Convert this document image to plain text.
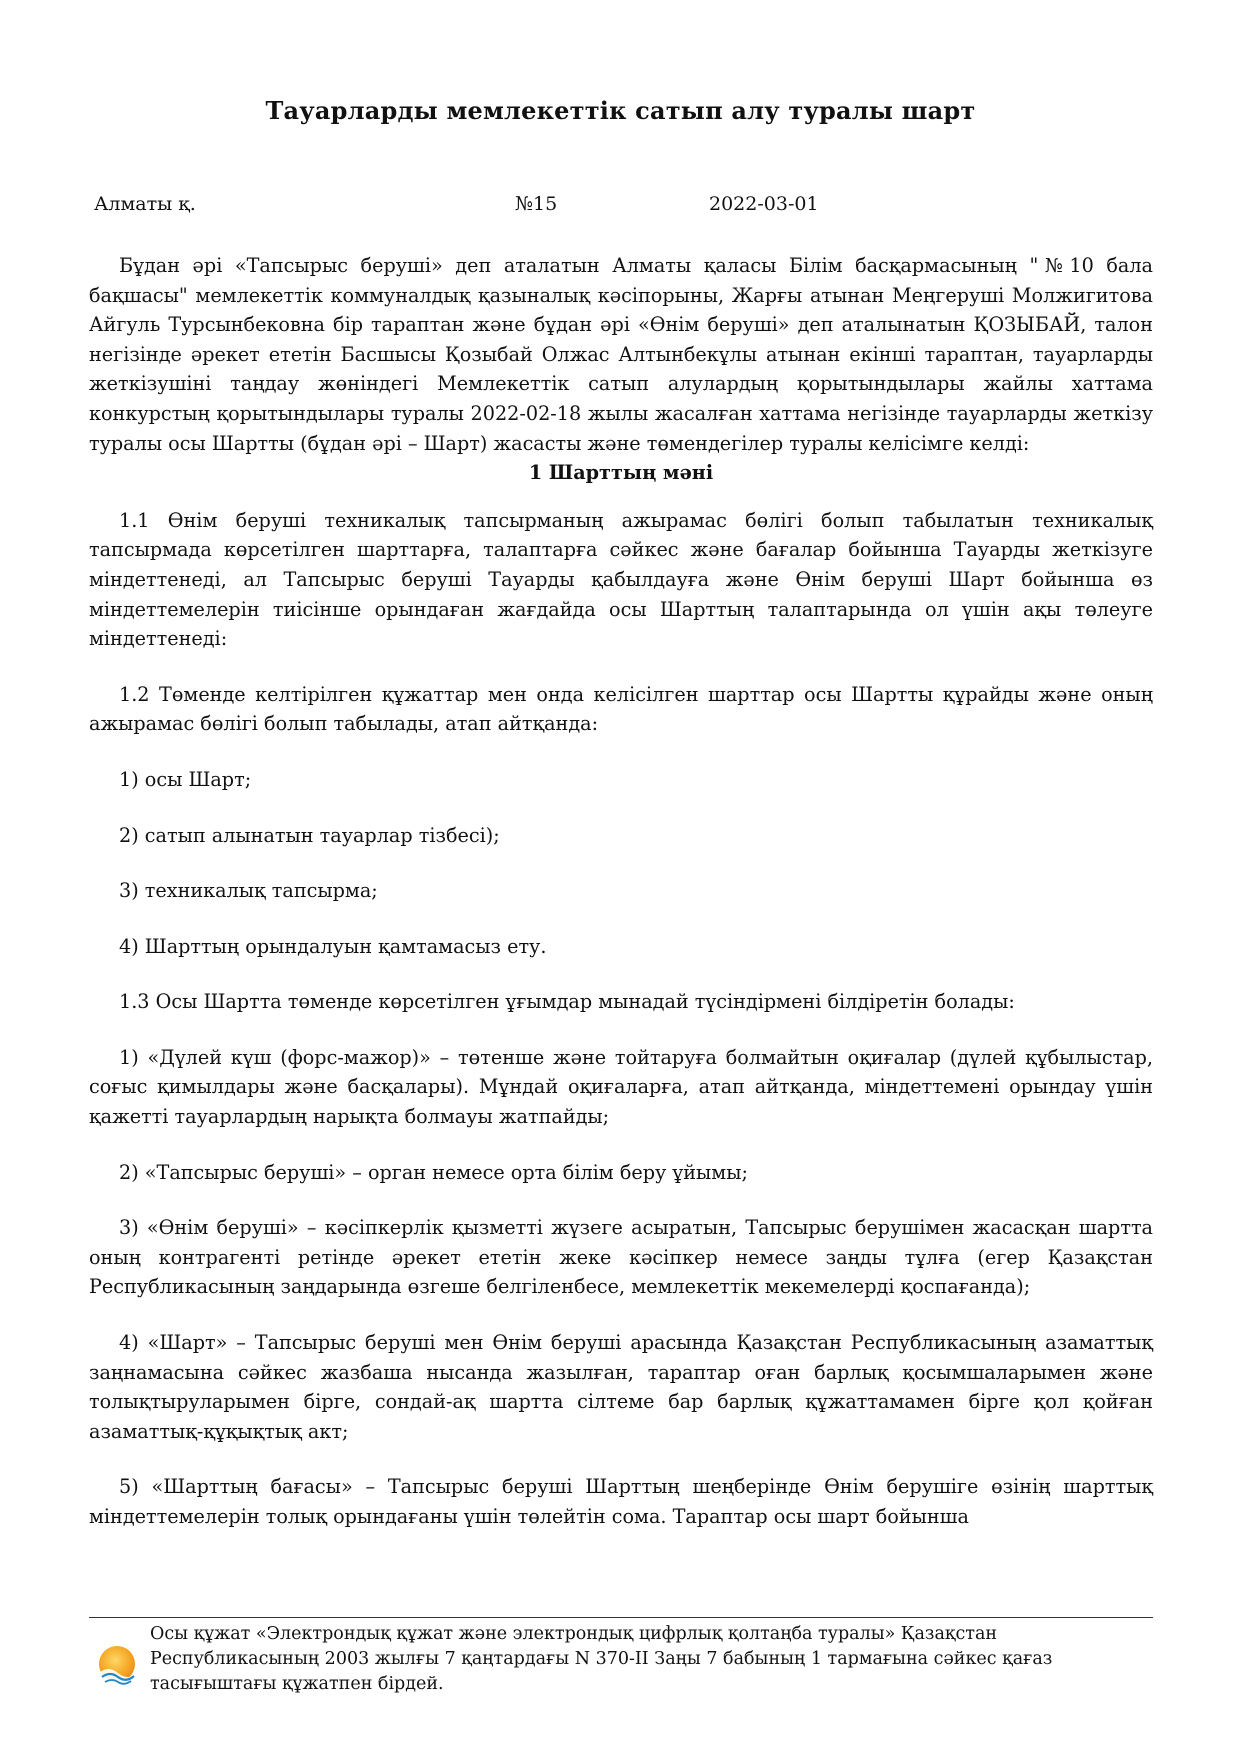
Тауарларды мемлекеттік сатып алу туралы шарт
Алматы қ.	№15	2022-03-01

Бұдан әрі «Тапсырыс беруші» деп аталатын Алматы қаласы Білім басқармасының "№10 бала бақшасы" мемлекеттік коммуналдық қазыналық кәсіпорыны, Жарғы атынан Меңгеруші Молжигитова Айгуль Турсынбековна бір тараптан және бұдан әрі «Өнім беруші» деп аталынатын ҚОЗЫБАЙ, талон негізінде әрекет ететін Басшысы Қозыбай Олжас Алтынбекұлы атынан екінші тараптан, тауарларды жеткізушіні таңдау жөніндегі Мемлекеттік сатып алулардың қорытындылары жайлы хаттама конкурстың қорытындылары туралы 2022-02-18 жылы жасалған хаттама негізінде тауарларды жеткізу туралы осы Шартты (бұдан әрі – Шарт) жасасты және төмендегілер туралы келісімге келді:

1 Шарттың мәні

1.1 Өнім беруші техникалық тапсырманың ажырамас бөлігі болып табылатын техникалық тапсырмада көрсетілген шарттарға, талаптарға сәйкес және бағалар бойынша Тауарды жеткізуге міндеттенеді, ал Тапсырыс беруші Тауарды қабылдауға және Өнім беруші Шарт бойынша өз міндеттемелерін тиісінше орындаған жағдайда осы Шарттың талаптарында ол үшін ақы төлеуге міндеттенеді:

1.2 Төменде келтірілген құжаттар мен онда келісілген шарттар осы Шартты құрайды және оның ажырамас бөлігі болып табылады, атап айтқанда:

1) осы Шарт;

2) сатып алынатын тауарлар тізбесі);

3) техникалық тапсырма;

4) Шарттың орындалуын қамтамасыз ету.

1.3 Осы Шартта төменде көрсетілген ұғымдар мынадай түсіндірмені білдіретін болады:

1) «Дүлей күш (форс-мажор)» – төтенше және тойтаруға болмайтын оқиғалар (дүлей құбылыстар, соғыс қимылдары және басқалары). Мұндай оқиғаларға, атап айтқанда, міндеттемені орындау үшін қажетті тауарлардың нарықта болмауы жатпайды;

2) «Тапсырыс беруші» – орган немесе орта білім беру ұйымы;

3) «Өнім беруші» – кәсіпкерлік қызметті жүзеге асыратын, Тапсырыс берушімен жасасқан шартта оның контрагенті ретінде әрекет ететін жеке кәсіпкер немесе заңды тұлға (егер Қазақстан Республикасының заңдарында өзгеше белгіленбесе, мемлекеттік мекемелерді қоспағанда);

4) «Шарт» – Тапсырыс беруші мен Өнім беруші арасында Қазақстан Республикасының азаматтық заңнамасына сәйкес жазбаша нысанда жазылған, тараптар оған барлық қосымшаларымен және толықтыруларымен бірге, сондай-ақ шартта сілтеме бар барлық құжаттамамен бірге қол қойған азаматтық-құқықтық акт;

5) «Шарттың бағасы» – Тапсырыс беруші Шарттың шеңберінде Өнім берушіге өзінің шарттық міндеттемелерін толық орындағаны үшін төлейтін сома. Тараптар осы шарт бойынша

Осы құжат «Электрондық құжат және электрондық цифрлық қолтаңба туралы» Қазақстан Республикасының 2003 жылғы 7 қаңтардағы N 370-II Заңы 7 бабының 1 тармағына сәйкес қағаз тасығыштағы құжатпен бірдей.
